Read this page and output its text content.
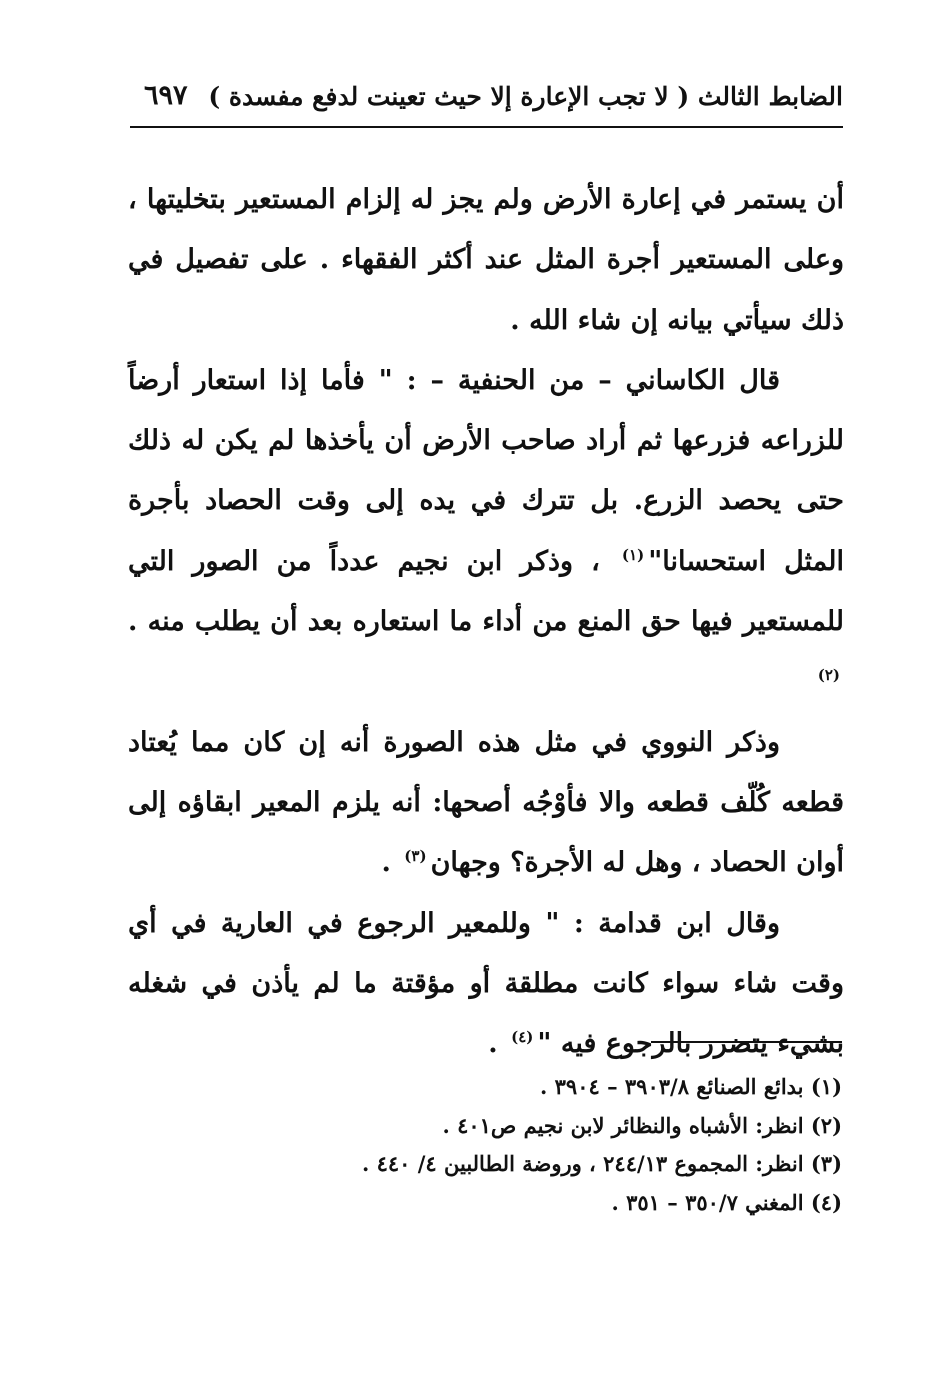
الضابط الثالث ( لا تجب الإعارة إلا حيث تعينت لدفع مفسدة )
٦٩٧

أن يستمر في إعارة الأرض ولم يجز له إلزام المستعير بتخليتها ، وعلى المستعير أجرة المثل عند أكثر الفقهاء . على تفصيل في ذلك سيأتي بيانه إن شاء الله .

قال الكاساني – من الحنفية – : " فأما إذا استعار أرضاً للزراعه فزرعها ثم أراد صاحب الأرض أن يأخذها لم يكن له ذلك حتى يحصد الزرع. بل تترك في يده إلى وقت الحصاد بأجرة المثل استحسانا"$^{(١)}$ ، وذكر ابن نجيم عدداً من الصور التي للمستعير فيها حق المنع من أداء ما استعاره بعد أن يطلب منه .$^{(٢)}$

وذكر النووي في مثل هذه الصورة أنه إن كان مما يُعتاد قطعه كُلّف قطعه والا فأوْجُه أصحها: أنه يلزم المعير ابقاؤه إلى أوان الحصاد ، وهل له الأجرة؟ وجهان$^{(٣)}$ .

وقال ابن قدامة : " وللمعير الرجوع في العارية في أي وقت شاء سواء كانت مطلقة أو مؤقتة ما لم يأذن في شغله بشيء يتضرر بالرجوع فيه "$^{(٤)}$ .

(١) بدائع الصنائع ٣٩٠٣/٨ – ٣٩٠٤ .
(٢) انظر: الأشباه والنظائر لابن نجيم ص٤٠١ .
(٣) انظر: المجموع ٢٤٤/١٣ ، وروضة الطالبين ٤/ ٤٤٠ .
(٤) المغني ٣٥٠/٧ – ٣٥١ .
